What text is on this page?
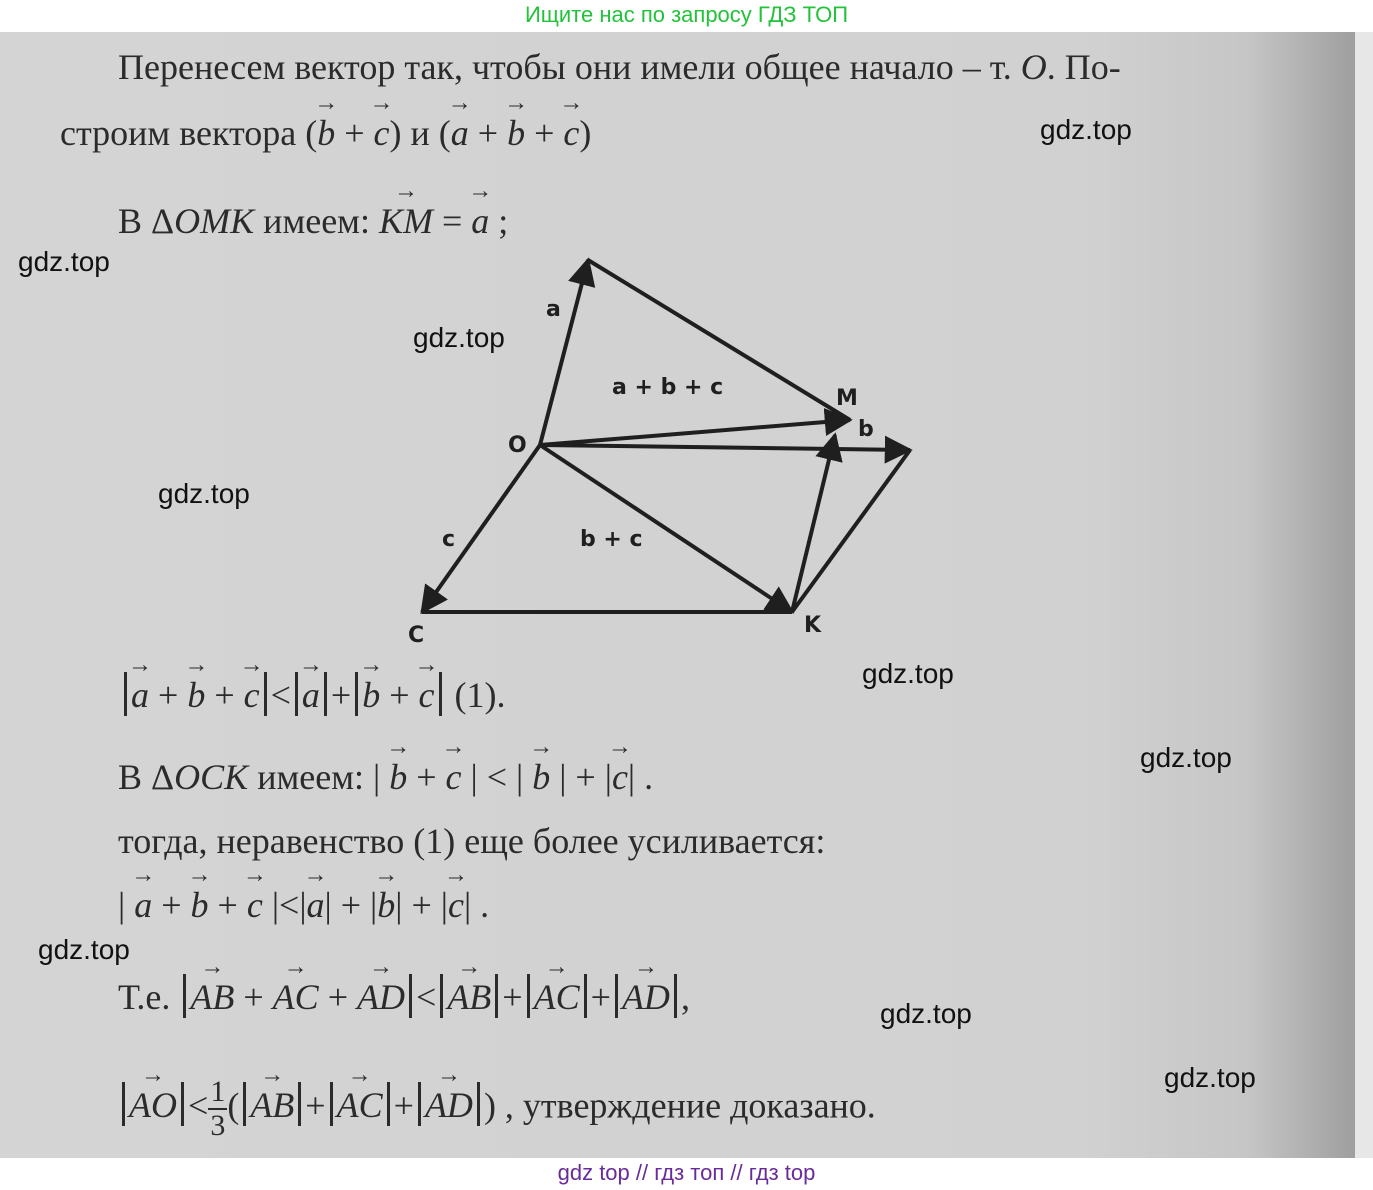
Ищите нас по запросу ГДЗ ТОП
Перенесем вектор так, чтобы они имели общее начало – т. O. По-
строим вектора (→ b + → c) и (→ a + → b + → c)
В ΔOMK имеем: → KM = → a ;
O
M
K
C
a
a + b + c
b
c	b + c
→ a + → b + → c < → a + → b + → c (1).
В ΔOCK имеем: | → b + → c | < | → b | + |→ c| .
тогда, неравенство (1) еще более усиливается:
| → a + → b + → c |<|→ a| + |→ b| + |→ c| .
Т.е. → AB + → AC + → AD < → AB + → AC + → AD ,
→ AO < $\frac{1}{3}$ ( → AB + → AC + → AD ) , утверждение доказано.
gdz.top
gdz.top
gdz.top
gdz.top
gdz.top
gdz.top
gdz.top
gdz.top
gdz.top
gdz top // гдз топ // гдз top
